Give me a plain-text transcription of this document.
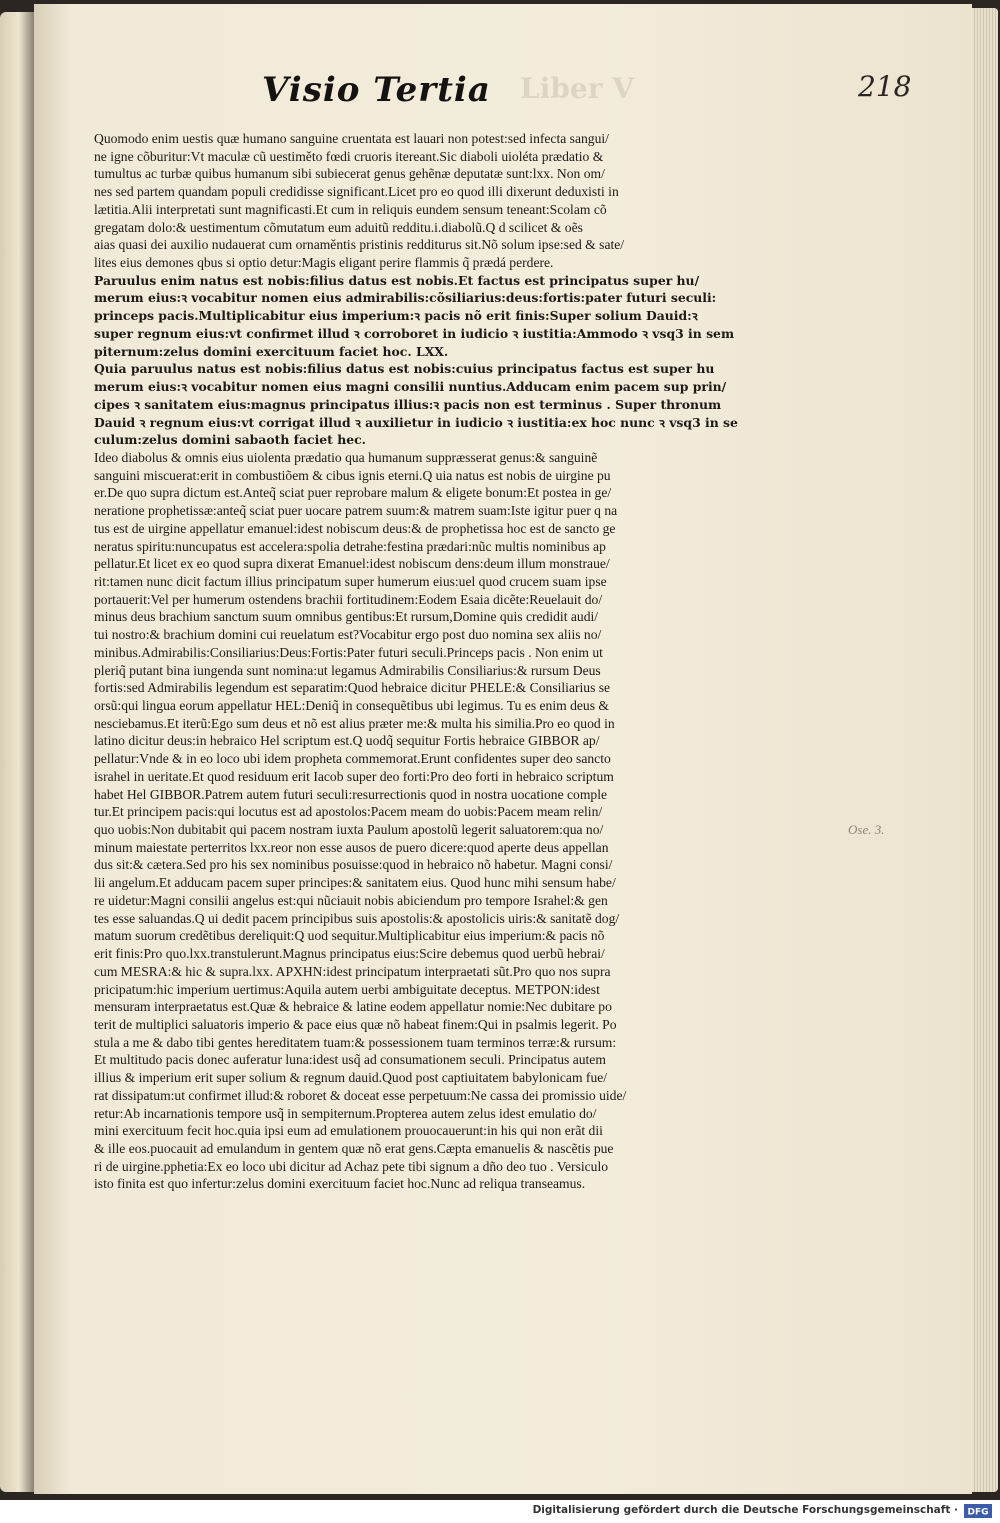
Visio Tertia Liber V	218
Ose. 3.
Quomodo enim uestis quæ humano sanguine cruentata est lauari non potest:sed infecta sangui/
ne igne cõburitur:Vt maculæ cũ uestiměto fœdi cruoris itereant.Sic diaboli uioléta prædatio &
tumultus ac turbæ quibus humanum sibi subiecerat genus gehẽnæ deputatæ sunt:lxx. Non om/
nes sed partem quandam populi credidisse significant.Licet pro eo quod illi dixerunt deduxisti in
lætitia.Alii interpretati sunt magnificasti.Et cum in reliquis eundem sensum teneant:Scolam cõ
gregatam dolo:& uestimentum cõmutatum eum aduitũ redditu.i.diabolũ.Q d scilicet & oẽs
aias quasi dei auxilio nudauerat cum ornaměntis pristinis redditurus sit.Nõ solum ipse:sed & sate/
lites eius demones qbus si optio detur:Magis eligant perire flammis q̃ prædá perdere.
Paruulus enim natus est nobis:filius datus est nobis.Et factus est principatus super hu/
merum eius:ꝛ vocabitur nomen eius admirabilis:cõsiliarius:deus:fortis:pater futuri seculi:
princeps pacis.Multiplicabitur eius imperium:ꝛ pacis nõ erit finis:Super solium Dauid:ꝛ
super regnum eius:vt confirmet illud ꝛ corroboret in iudicio ꝛ iustitia:Ammodo ꝛ vsq3 in sem
piternum:zelus domini exercituum faciet hoc. LXX.
Quia paruulus natus est nobis:filius datus est nobis:cuius principatus factus est super hu
merum eius:ꝛ vocabitur nomen eius magni consilii nuntius.Adducam enim pacem sup prin/
cipes ꝛ sanitatem eius:magnus principatus illius:ꝛ pacis non est terminus . Super thronum
Dauid ꝛ regnum eius:vt corrigat illud ꝛ auxilietur in iudicio ꝛ iustitia:ex hoc nunc ꝛ vsq3 in se
culum:zelus domini sabaoth faciet hec.
Ideo diabolus & omnis eius uiolenta prædatio qua humanum suppræsserat genus:& sanguinẽ
sanguini miscuerat:erit in combustiõem & cibus ignis eterni.Q uia natus est nobis de uirgine pu
er.De quo supra dictum est.Anteq̃ sciat puer reprobare malum & eligete bonum:Et postea in ge/
neratione prophetissæ:anteq̃ sciat puer uocare patrem suum:& matrem suam:Iste igitur puer q na
tus est de uirgine appellatur emanuel:idest nobiscum deus:& de prophetissa hoc est de sancto ge
neratus spiritu:nuncupatus est accelera:spolia detrahe:festina prædari:nũc multis nominibus ap
pellatur.Et licet ex eo quod supra dixerat Emanuel:idest nobiscum dens:deum illum monstraue/
rit:tamen nunc dicit factum illius principatum super humerum eius:uel quod crucem suam ipse
portauerit:Vel per humerum ostendens brachii fortitudinem:Eodem Esaia dicẽte:Reuelauit do/
minus deus brachium sanctum suum omnibus gentibus:Et rursum,Domine quis credidit audi/
tui nostro:& brachium domini cui reuelatum est?Vocabitur ergo post duo nomina sex aliis no/
minibus.Admirabilis:Consiliarius:Deus:Fortis:Pater futuri seculi.Princeps pacis . Non enim ut
pleriq̃ putant bina iungenda sunt nomina:ut legamus Admirabilis Consiliarius:& rursum Deus
fortis:sed Admirabilis legendum est separatim:Quod hebraice dicitur PHELE:& Consiliarius se
orsũ:qui lingua eorum appellatur HEL:Deniq̃ in consequẽtibus ubi legimus. Tu es enim deus &
nesciebamus.Et iterũ:Ego sum deus et nõ est alius præter me:& multa his similia.Pro eo quod in
latino dicitur deus:in hebraico Hel scriptum est.Q uodq̃ sequitur Fortis hebraice GIBBOR ap/
pellatur:Vnde & in eo loco ubi idem propheta commemorat.Erunt confidentes super deo sancto
israhel in ueritate.Et quod residuum erit Iacob super deo forti:Pro deo forti in hebraico scriptum
habet Hel GIBBOR.Patrem autem futuri seculi:resurrectionis quod in nostra uocatione comple
tur.Et principem pacis:qui locutus est ad apostolos:Pacem meam do uobis:Pacem meam relin/
quo uobis:Non dubitabit qui pacem nostram iuxta Paulum apostolũ legerit saluatorem:qua no/
minum maiestate perterritos lxx.reor non esse ausos de puero dicere:quod aperte deus appellan
dus sit:& cætera.Sed pro his sex nominibus posuisse:quod in hebraico nõ habetur. Magni consi/
lii angelum.Et adducam pacem super principes:& sanitatem eius. Quod hunc mihi sensum habe/
re uidetur:Magni consilii angelus est:qui nũciauit nobis abiciendum pro tempore Israhel:& gen
tes esse saluandas.Q ui dedit pacem principibus suis apostolis:& apostolicis uiris:& sanitatẽ dog/
matum suorum credẽtibus dereliquit:Q uod sequitur.Multiplicabitur eius imperium:& pacis nõ
erit finis:Pro quo.lxx.transtulerunt.Magnus principatus eius:Scire debemus quod uerbũ hebrai/
cum MESRA:& hic & supra.lxx. APXHN:idest principatum interpraetati sũt.Pro quo nos supra
pricipatum:hic imperium uertimus:Aquila autem uerbi ambiguitate deceptus. METPON:idest
mensuram interpraetatus est.Quæ & hebraice & latine eodem appellatur nomie:Nec dubitare po
terit de multiplici saluatoris imperio & pace eius quæ nõ habeat finem:Qui in psalmis legerit. Po
stula a me & dabo tibi gentes hereditatem tuam:& possessionem tuam terminos terræ:& rursum:
Et multitudo pacis donec auferatur luna:idest usq̃ ad consumationem seculi. Principatus autem
illius & imperium erit super solium & regnum dauid.Quod post captiuitatem babylonicam fue/
rat dissipatum:ut confirmet illud:& roboret & doceat esse perpetuum:Ne cassa dei promissio uide/
retur:Ab incarnationis tempore usq̃ in sempiternum.Propterea autem zelus idest emulatio do/
mini exercituum fecit hoc.quia ipsi eum ad emulationem prouocauerunt:in his qui non erãt dii
& ille eos.puocauit ad emulandum in gentem quæ nõ erat gens.Cæpta emanuelis & nascẽtis pue
ri de uirgine.pphetia:Ex eo loco ubi dicitur ad Achaz pete tibi signum a dño deo tuo . Versiculo
isto finita est quo infertur:zelus domini exercituum faciet hoc.Nunc ad reliqua transeamus.
Digitalisierung gefördert durch die Deutsche Forschungsgemeinschaft · DFG
